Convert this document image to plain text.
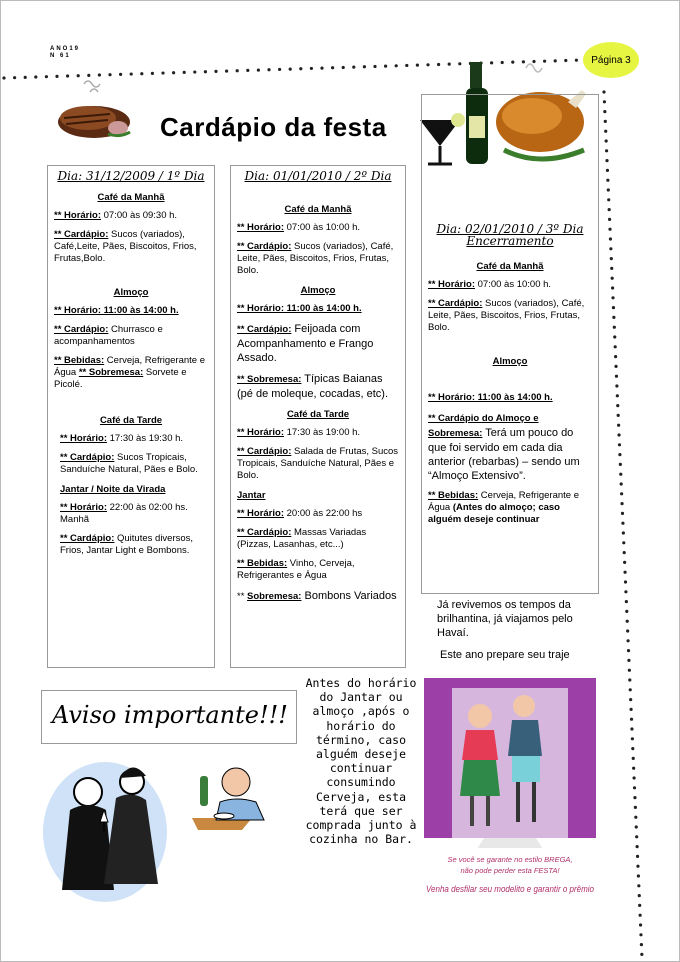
ANO19
N 61	Página 3
Cardápio da festa
Dia: 31/12/2009 / 1º Dia
Café da Manhã

** Horário: 07:00 às 09:30 h.

** Cardápio: Sucos (variados), Café,Leite, Pães, Biscoitos, Frios, Frutas,Bolo.

Almoço

** Horário: 11:00 às 14:00 h.

** Cardápio: Churrasco e acompanhamentos

** Bebidas: Cerveja, Refrigerante e Água ** Sobremesa: Sorvete e Picolé.

Café da Tarde

** Horário: 17:30 às 19:30 h.

** Cardápio: Sucos Tropicais, Sanduíche Natural, Pães e Bolo.

Jantar / Noite da Virada

** Horário: 22:00 às 02:00 hs. Manhã

** Cardápio: Quitutes diversos, Frios, Jantar Light e Bombons.

Dia: 01/01/2010 / 2º Dia
Café da Manhã

** Horário: 07:00 às 10:00 h.

** Cardápio: Sucos (variados), Café, Leite, Pães, Biscoitos, Frios, Frutas, Bolo.

Almoço

** Horário: 11:00 às 14:00 h.

** Cardápio: Feijoada com Acompanhamento e Frango Assado.

** Sobremesa: Típicas Baianas (pé de moleque, cocadas, etc).

Café da Tarde

** Horário: 17:30 às 19:00 h.

** Cardápio: Salada de Frutas, Sucos Tropicais, Sanduíche Natural, Pães e Bolo.

Jantar

** Horário: 20:00 às 22:00 hs

** Cardápio: Massas Variadas (Pizzas, Lasanhas, etc...)

** Bebidas: Vinho, Cerveja, Refrigerantes e Água

** Sobremesa: Bombons Variados

Dia: 02/01/2010 / 3º Dia Encerramento
Café da Manhã

** Horário: 07:00 às 10:00 h.

** Cardápio: Sucos (variados), Café, Leite, Pães, Biscoitos, Frios, Frutas, Bolo.

Almoço

** Horário: 11:00 às 14:00 h.

** Cardápio do Almoço e Sobremesa: Terá um pouco do que foi servido em cada dia anterior (rebarbas) – sendo um “Almoço Extensivo”.

** Bebidas: Cerveja, Refrigerante e Água (Antes do almoço; caso alguém deseje continuar

Já revivemos os tempos da brilhantina, já viajamos pelo Havaí.
Este ano prepare seu traje
Aviso importante!!!
Antes do horário do Jantar ou almoço ,após o horário do término, caso alguém deseje continuar consumindo Cerveja, esta terá que ser comprada junto à cozinha no Bar.
Se você se garante no estilo BREGA,
não pode perder esta FESTA!
Venha desfilar seu modelito e garantir o prêmio
